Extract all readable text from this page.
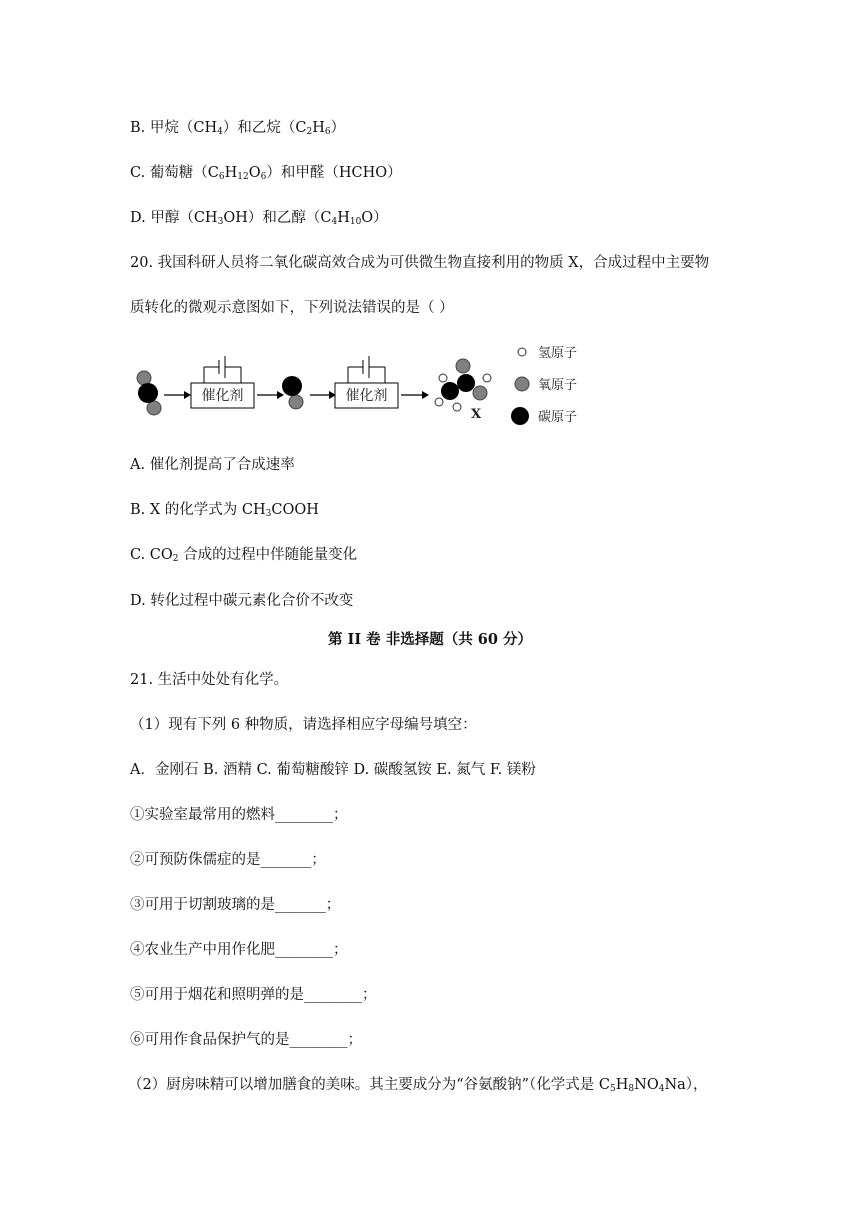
B. 甲烷$(CH_4)$和乙烷$(C_2H_6)$
C. 葡萄糖$(C_6H_{12}O_6)$和甲醛（HCHO）
D. 甲醇$(CH_3OH)$和乙醇$(C_4H_{10}O)$
20. 我国科研人员将二氧化碳高效合成为可供微生物直接利用的物质 X，合成过程中主要物
质转化的微观示意图如下，下列说法错误的是（ ）
催化剂	催化剂
X
氢原子
氧原子
碳原子
A. 催化剂提高了合成速率
B. X 的化学式为 $CH_3COOH$
C. $CO_2$ 合成的过程中伴随能量变化
D. 转化过程中碳元素化合价不改变
第 II 卷 非选择题（共 60 分）
21. 生活中处处有化学。
（1）现有下列 6 种物质，请选择相应字母编号填空：
A．金刚石 B. 酒精 C. 葡萄糖酸锌 D. 碳酸氢铵 E. 氮气 F. 镁粉
①实验室最常用的燃料________；
②可预防侏儒症的是_______；
③可用于切割玻璃的是_______；
④农业生产中用作化肥________；
⑤可用于烟花和照明弹的是________；
⑥可用作食品保护气的是________；
（2）厨房味精可以增加膳食的美味。其主要成分为“谷氨酸钠”（化学式是 $C_5H_8NO_4Na$），
